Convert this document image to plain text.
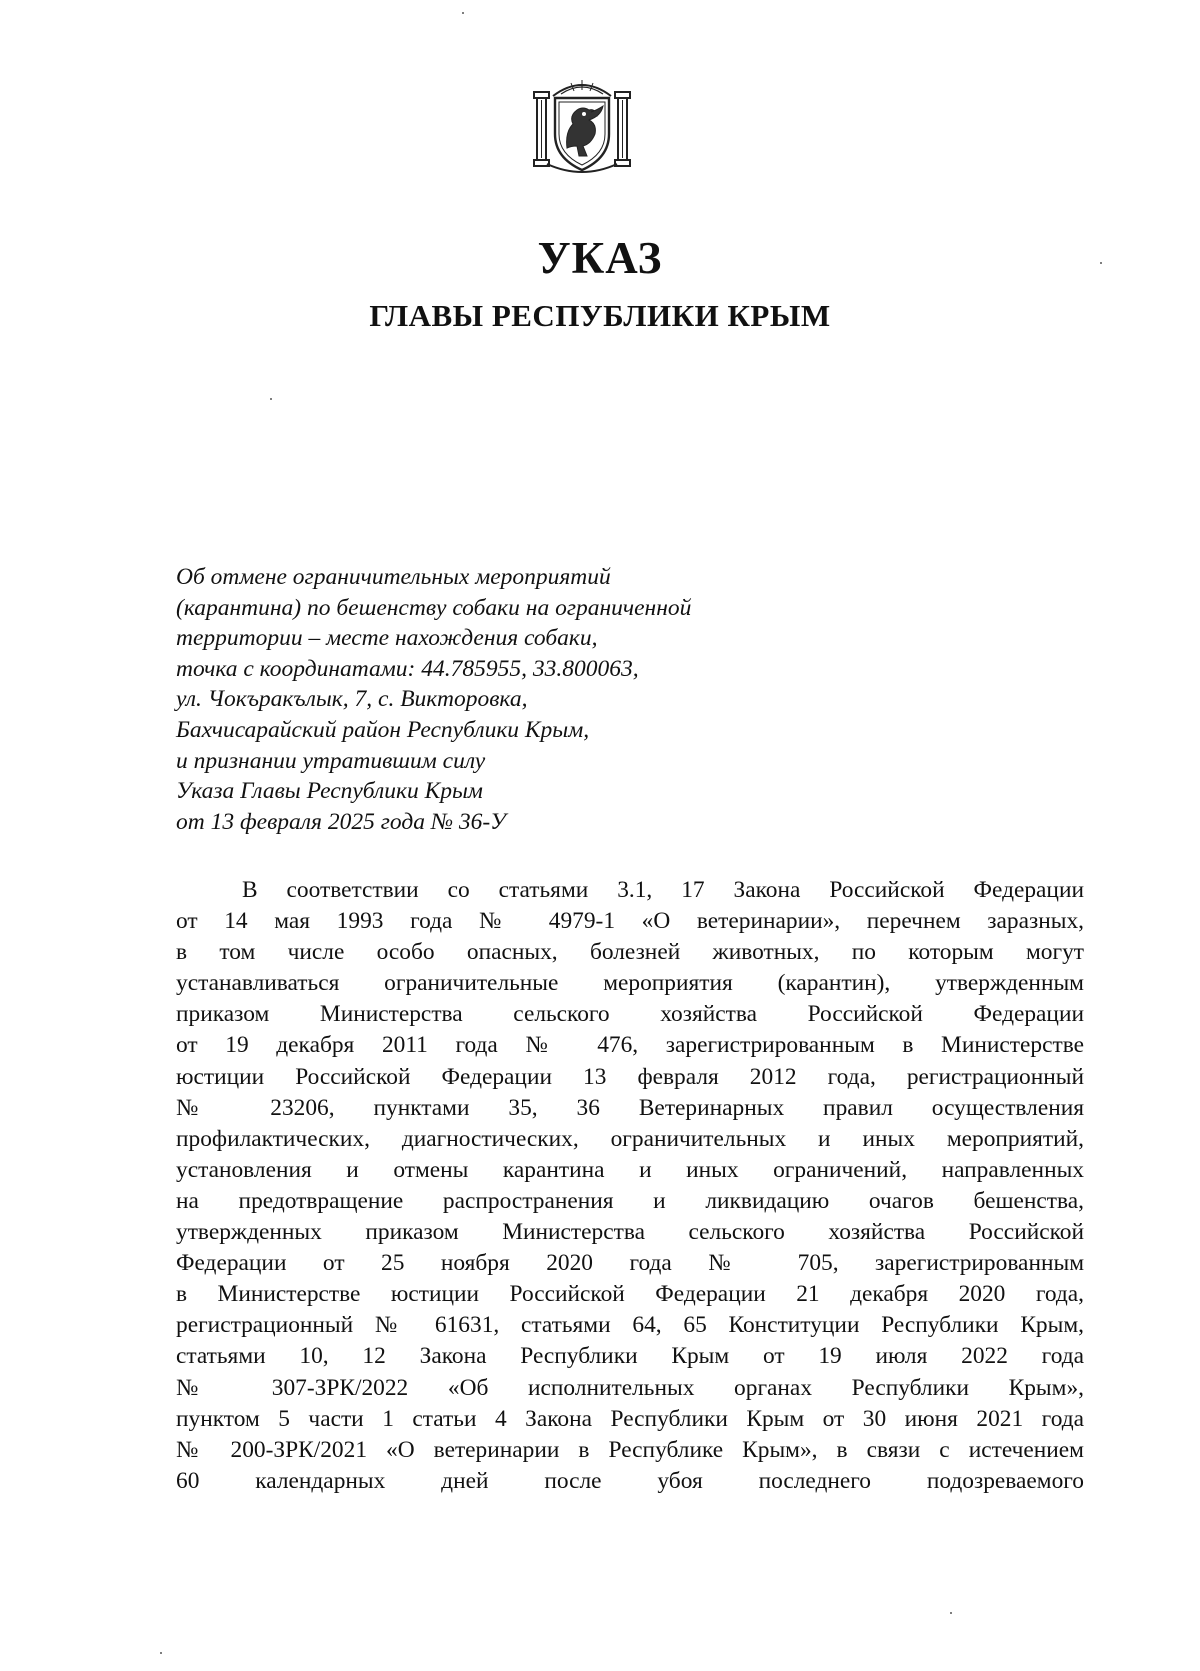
УКАЗ
ГЛАВЫ РЕСПУБЛИКИ КРЫМ
Об отмене ограничительных мероприятий
(карантина) по бешенству собаки на ограниченной
территории – месте нахождения собаки,
точка с координатами: 44.785955, 33.800063,
ул. Чокъракълык, 7, с. Викторовка,
Бахчисарайский район Республики Крым,
и признании утратившим силу
Указа Главы Республики Крым
от 13 февраля 2025 года № 36-У
В соответствии со статьями 3.1, 17 Закона Российской Федерации
от 14 мая 1993 года № 4979-1 «О ветеринарии», перечнем заразных,
в том числе особо опасных, болезней животных, по которым могут
устанавливаться ограничительные мероприятия (карантин), утвержденным
приказом Министерства сельского хозяйства Российской Федерации
от 19 декабря 2011 года № 476, зарегистрированным в Министерстве
юстиции Российской Федерации 13 февраля 2012 года, регистрационный
№ 23206, пунктами 35, 36 Ветеринарных правил осуществления
профилактических, диагностических, ограничительных и иных мероприятий,
установления и отмены карантина и иных ограничений, направленных
на предотвращение распространения и ликвидацию очагов бешенства,
утвержденных приказом Министерства сельского хозяйства Российской
Федерации от 25 ноября 2020 года № 705, зарегистрированным
в Министерстве юстиции Российской Федерации 21 декабря 2020 года,
регистрационный № 61631, статьями 64, 65 Конституции Республики Крым,
статьями 10, 12 Закона Республики Крым от 19 июля 2022 года
№ 307-ЗРК/2022 «Об исполнительных органах Республики Крым»,
пунктом 5 части 1 статьи 4 Закона Республики Крым от 30 июня 2021 года
№ 200-ЗРК/2021 «О ветеринарии в Республике Крым», в связи с истечением
60 календарных дней после убоя последнего подозреваемого
